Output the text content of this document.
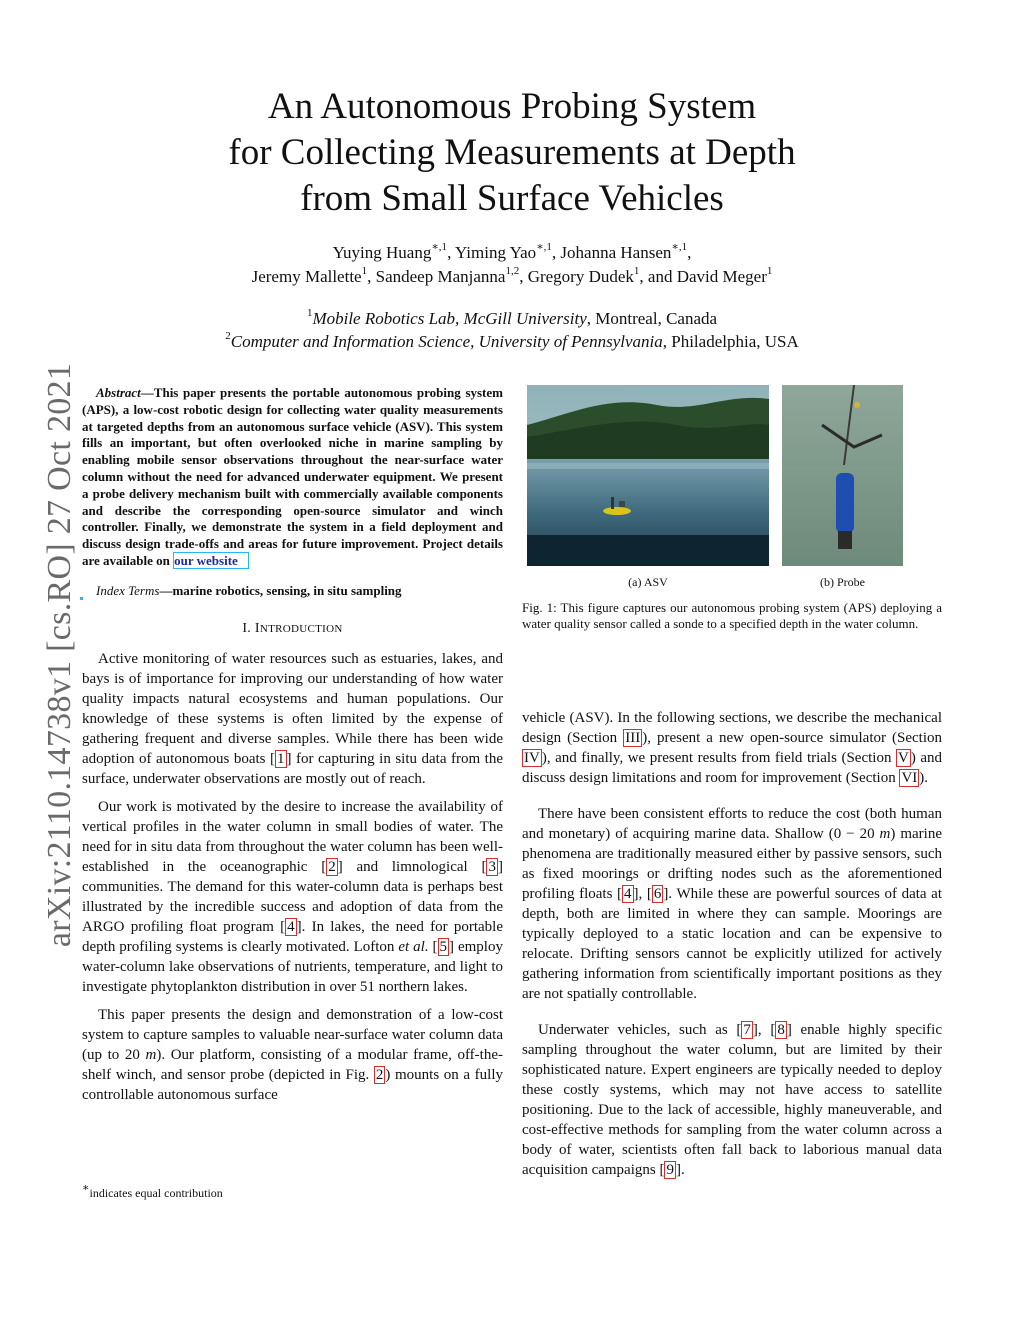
An Autonomous Probing System
for Collecting Measurements at Depth
from Small Surface Vehicles
Yuying Huang$^{∗,1}$, Yiming Yao$^{∗,1}$, Johanna Hansen$^{∗,1}$,
Jeremy Mallette$^1$, Sandeep Manjanna$^{1,2}$, Gregory Dudek$^1$, and David Meger$^1$
$^1$Mobile Robotics Lab, McGill University, Montreal, Canada
$^2$Computer and Information Science, University of Pennsylvania, Philadelphia, USA
arXiv:2110.14738v1 [cs.RO] 27 Oct 2021	Abstract—This paper presents the portable autonomous probing system (APS), a low-cost robotic design for collecting water quality measurements at targeted depths from an autonomous surface vehicle (ASV). This system fills an important, but often overlooked niche in marine sampling by enabling mobile sensor observations throughout the near-surface water column without the need for advanced underwater equipment. We present a probe delivery mechanism built with commercially available components and describe the corresponding open-source simulator and winch controller. Finally, we demonstrate the system in a field deployment and discuss design trade-offs and areas for future improvement. Project details are available on our website

Index Terms—marine robotics, sensing, in situ sampling

I. INTRODUCTION

Active monitoring of water resources such as estuaries, lakes, and bays is of importance for improving our understanding of how water quality impacts natural ecosystems and human populations. Our knowledge of these systems is often limited by the expense of gathering frequent and diverse samples. While there has been wide adoption of autonomous boats [ 1 ] for capturing in situ data from the surface, underwater observations are mostly out of reach.

Our work is motivated by the desire to increase the availability of vertical profiles in the water column in small bodies of water. The need for in situ data from throughout the water column has been well-established in the oceanographic [ 2 ] and limnological [ 3 ] communities. The demand for this water-column data is perhaps best illustrated by the incredible success and adoption of data from the ARGO profiling float program [ 4 ]. In lakes, the need for portable depth profiling systems is clearly motivated. Lofton et al. [ 5 ] employ water-column lake observations of nutrients, temperature, and light to investigate phytoplankton distribution in over 51 northern lakes.

This paper presents the design and demonstration of a low-cost system to capture samples to valuable near-surface water column data (up to 20 m). Our platform, consisting of a modular frame, off-the-shelf winch, and sensor probe (depicted in Fig. 2 ) mounts on a fully controllable autonomous surface

∗indicates equal contribution
(a) ASV	(b) Probe
Fig. 1: This figure captures our autonomous probing system (APS) deploying a water quality sensor called a sonde to a specified depth in the water column.

vehicle (ASV). In the following sections, we describe the mechanical design (Section III ), present a new open-source simulator (Section IV ), and finally, we present results from field trials (Section V ) and discuss design limitations and room for improvement (Section VI ).

There have been consistent efforts to reduce the cost (both human and monetary) of acquiring marine data. Shallow (0 − 20 m) marine phenomena are traditionally measured either by passive sensors, such as fixed moorings or drifting nodes such as the aforementioned profiling floats [ 4 ], [ 6 ]. While these are powerful sources of data at depth, both are limited in where they can sample. Moorings are typically deployed to a static location and can be expensive to relocate. Drifting sensors cannot be explicitly utilized for actively gathering information from scientifically important positions as they are not spatially controllable.

Underwater vehicles, such as [ 7 ], [ 8 ] enable highly specific sampling throughout the water column, but are limited by their sophisticated nature. Expert engineers are typically needed to deploy these costly systems, which may not have access to satellite positioning. Due to the lack of accessible, highly maneuverable, and cost-effective methods for sampling from the water column across a body of water, scientists often fall back to laborious manual data acquisition campaigns [ 9 ].
